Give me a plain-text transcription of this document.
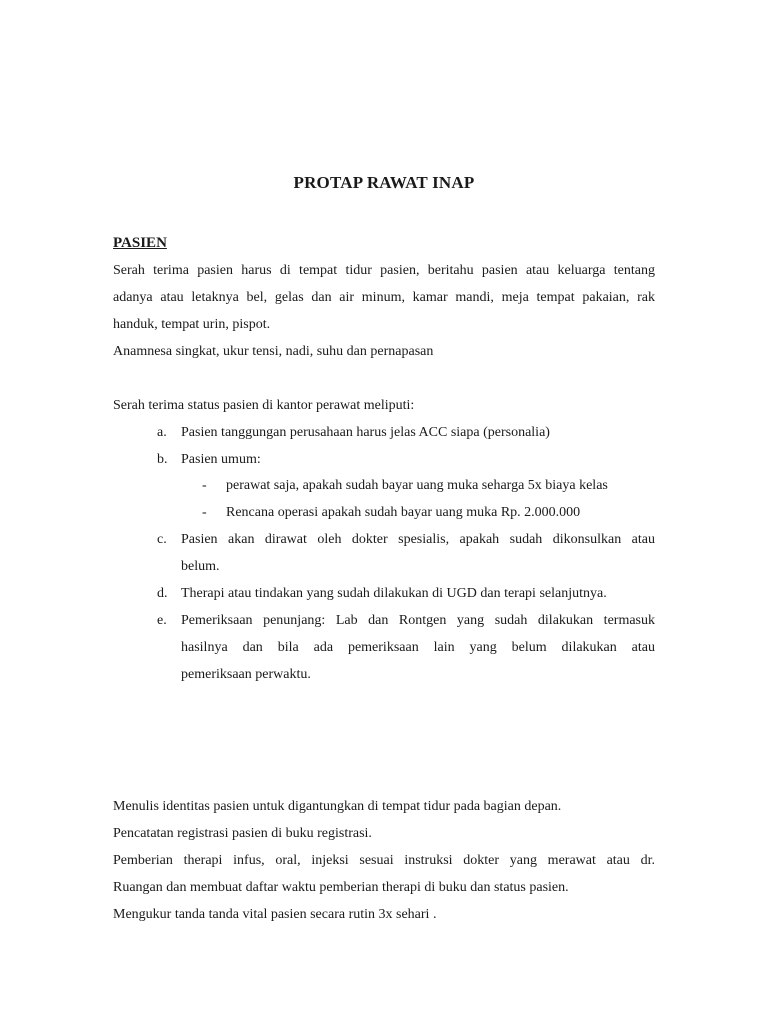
PROTAP RAWAT INAP
PASIEN
Serah terima pasien harus di tempat tidur pasien, beritahu pasien atau keluarga tentang
adanya atau letaknya bel, gelas dan air minum, kamar mandi, meja tempat pakaian, rak
handuk, tempat urin, pispot.
Anamnesa singkat, ukur tensi, nadi, suhu dan pernapasan
Serah terima status pasien di kantor perawat meliputi:
a. Pasien tanggungan perusahaan harus jelas ACC siapa (personalia)
b. Pasien umum:
- perawat saja, apakah sudah bayar uang muka seharga 5x biaya kelas
- Rencana operasi apakah sudah bayar uang muka Rp. 2.000.000
c. Pasien akan dirawat oleh dokter spesialis, apakah sudah dikonsulkan atau
belum.
d. Therapi atau tindakan yang sudah dilakukan di UGD dan terapi selanjutnya.
e. Pemeriksaan penunjang: Lab dan Rontgen yang sudah dilakukan termasuk
hasilnya dan bila ada pemeriksaan lain yang belum dilakukan atau
pemeriksaan perwaktu.
Menulis identitas pasien untuk digantungkan di tempat tidur pada bagian depan.
Pencatatan registrasi pasien di buku registrasi.
Pemberian therapi infus, oral, injeksi sesuai instruksi dokter yang merawat atau dr.
Ruangan dan membuat daftar waktu pemberian therapi di buku dan status pasien.
Mengukur tanda tanda vital pasien secara rutin 3x sehari .
